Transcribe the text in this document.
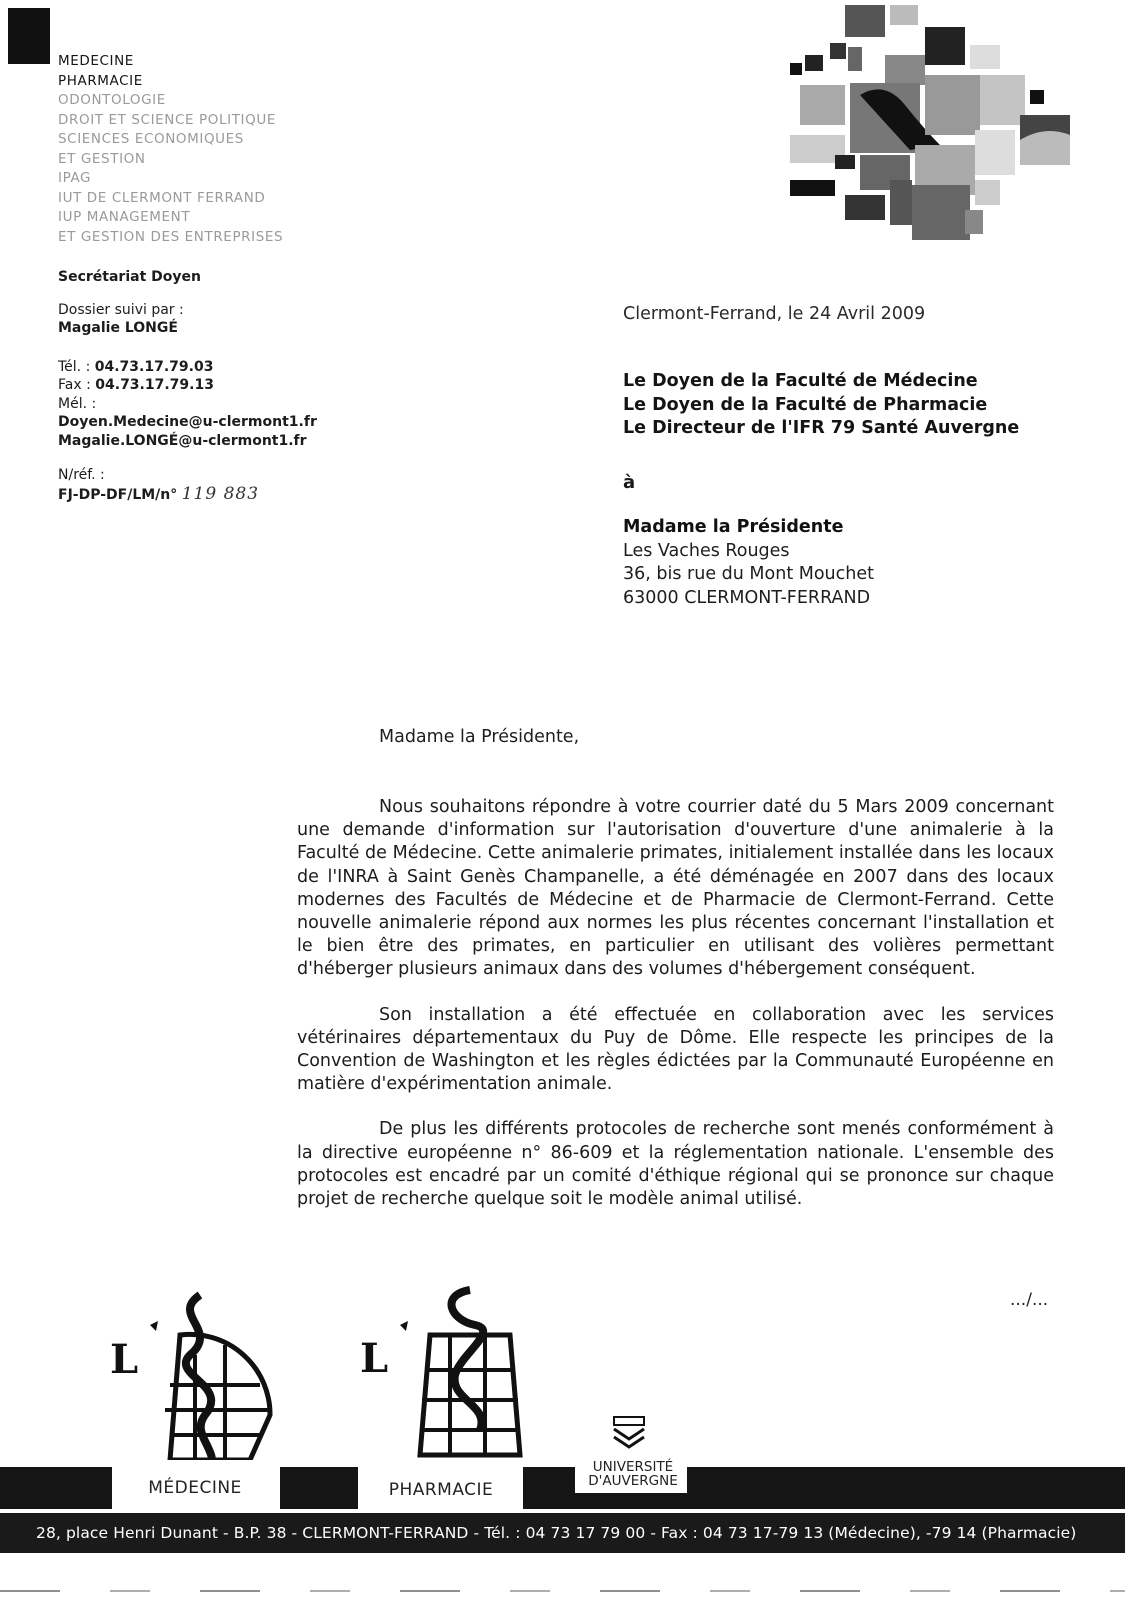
MEDECINE
PHARMACIE
ODONTOLOGIE
DROIT ET SCIENCE POLITIQUE
SCIENCES ECONOMIQUES
ET GESTION
IPAG
IUT DE CLERMONT FERRAND
IUP MANAGEMENT
ET GESTION DES ENTREPRISES
Secrétariat Doyen
Dossier suivi par :
Magalie LONGÉ
Tél. : 04.73.17.79.03
Fax : 04.73.17.79.13
Mél. :
Doyen.Medecine@u-clermont1.fr
Magalie.LONGÉ@u-clermont1.fr
N/réf. :
FJ-DP-DF/LM/n° 119 883
Clermont-Ferrand, le 24 Avril 2009
Le Doyen de la Faculté de Médecine
Le Doyen de la Faculté de Pharmacie
Le Directeur de l'IFR 79 Santé Auvergne
à
Madame la Présidente
Les Vaches Rouges
36, bis rue du Mont Mouchet
63000 CLERMONT-FERRAND
Madame la Présidente,

Nous souhaitons répondre à votre courrier daté du 5 Mars 2009 concernant une demande d'information sur l'autorisation d'ouverture d'une animalerie à la Faculté de Médecine. Cette animalerie primates, initialement installée dans les locaux de l'INRA à Saint Genès Champanelle, a été déménagée en 2007 dans des locaux modernes des Facultés de Médecine et de Pharmacie de Clermont-Ferrand. Cette nouvelle animalerie répond aux normes les plus récentes concernant l'installation et le bien être des primates, en particulier en utilisant des volières permettant d'héberger plusieurs animaux dans des volumes d'hébergement conséquent.

Son installation a été effectuée en collaboration avec les services vétérinaires départementaux du Puy de Dôme. Elle respecte les principes de la Convention de Washington et les règles édictées par la Communauté Européenne en matière d'expérimentation animale.

De plus les différents protocoles de recherche sont menés conformément à la directive européenne n° 86-609 et la réglementation nationale. L'ensemble des protocoles est encadré par un comité d'éthique régional qui se prononce sur chaque projet de recherche quelque soit le modèle animal utilisé.

.../...
L	L
MÉDECINE	PHARMACIE
UNIVERSITÉ
D'AUVERGNE
28, place Henri Dunant - B.P. 38 - CLERMONT-FERRAND - Tél. : 04 73 17 79 00 - Fax : 04 73 17-79 13 (Médecine), -79 14 (Pharmacie)
